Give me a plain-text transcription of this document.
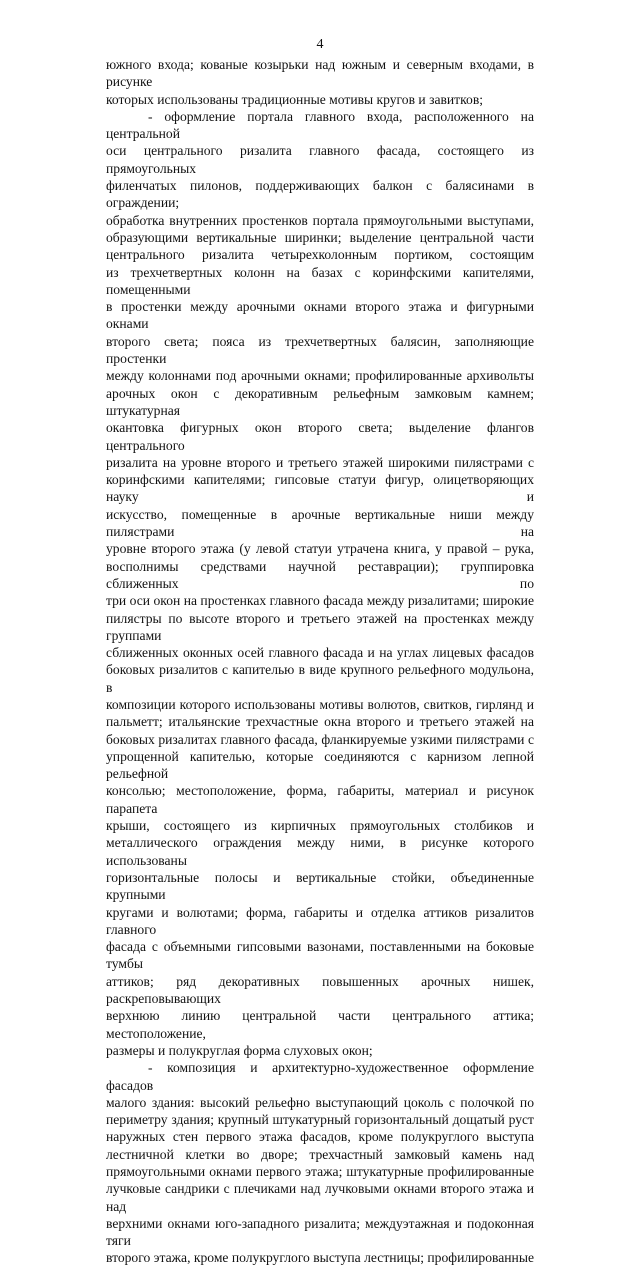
4

южного входа; кованые козырьки над южным и северным входами, в рисунке

которых использованы традиционные мотивы кругов и завитков;

- оформление портала главного входа, расположенного на центральной

оси центрального ризалита главного фасада, состоящего из прямоугольных

филенчатых пилонов, поддерживающих балкон с балясинами в ограждении;

обработка внутренних простенков портала прямоугольными выступами,

образующими вертикальные ширинки; выделение центральной части

центрального ризалита четырехколонным портиком, состоящим

из трехчетвертных колонн на базах с коринфскими капителями, помещенными

в простенки между арочными окнами второго этажа и фигурными окнами

второго света; пояса из трехчетвертных балясин, заполняющие простенки

между колоннами под арочными окнами; профилированные архивольты

арочных окон с декоративным рельефным замковым камнем; штукатурная

окантовка фигурных окон второго света; выделение флангов центрального

ризалита на уровне второго и третьего этажей широкими пилястрами с

коринфскими капителями; гипсовые статуи фигур, олицетворяющих науку и

искусство, помещенные в арочные вертикальные ниши между пилястрами на

уровне второго этажа (у левой статуи утрачена книга, у правой – рука,

восполнимы средствами научной реставрации); группировка сближенных по

три оси окон на простенках главного фасада между ризалитами; широкие

пилястры по высоте второго и третьего этажей на простенках между группами

сближенных оконных осей главного фасада и на углах лицевых фасадов

боковых ризалитов с капителью в виде крупного рельефного модульона, в

композиции которого использованы мотивы волютов, свитков, гирлянд и

пальметт; итальянские трехчастные окна второго и третьего этажей на

боковых ризалитах главного фасада, фланкируемые узкими пилястрами с

упрощенной капителью, которые соединяются с карнизом лепной рельефной

консолью; местоположение, форма, габариты, материал и рисунок парапета

крыши, состоящего из кирпичных прямоугольных столбиков и

металлического ограждения между ними, в рисунке которого использованы

горизонтальные полосы и вертикальные стойки, объединенные крупными

кругами и волютами; форма, габариты и отделка аттиков ризалитов главного

фасада с объемными гипсовыми вазонами, поставленными на боковые тумбы

аттиков; ряд декоративных повышенных арочных нишек, раскреповывающих

верхнюю линию центральной части центрального аттика; местоположение,

размеры и полукруглая форма слуховых окон;

- композиция и архитектурно-художественное оформление фасадов

малого здания: высокий рельефно выступающий цоколь с полочкой по

периметру здания; крупный штукатурный горизонтальный дощатый руст

наружных стен первого этажа фасадов, кроме полукруглого выступа

лестничной клетки во дворе; трехчастный замковый камень над

прямоугольными окнами первого этажа; штукатурные профилированные

лучковые сандрики с плечиками над лучковыми окнами второго этажа и над

верхними окнами юго-западного ризалита; междуэтажная и подоконная тяги

второго этажа, кроме полукруглого выступа лестницы; профилированные
